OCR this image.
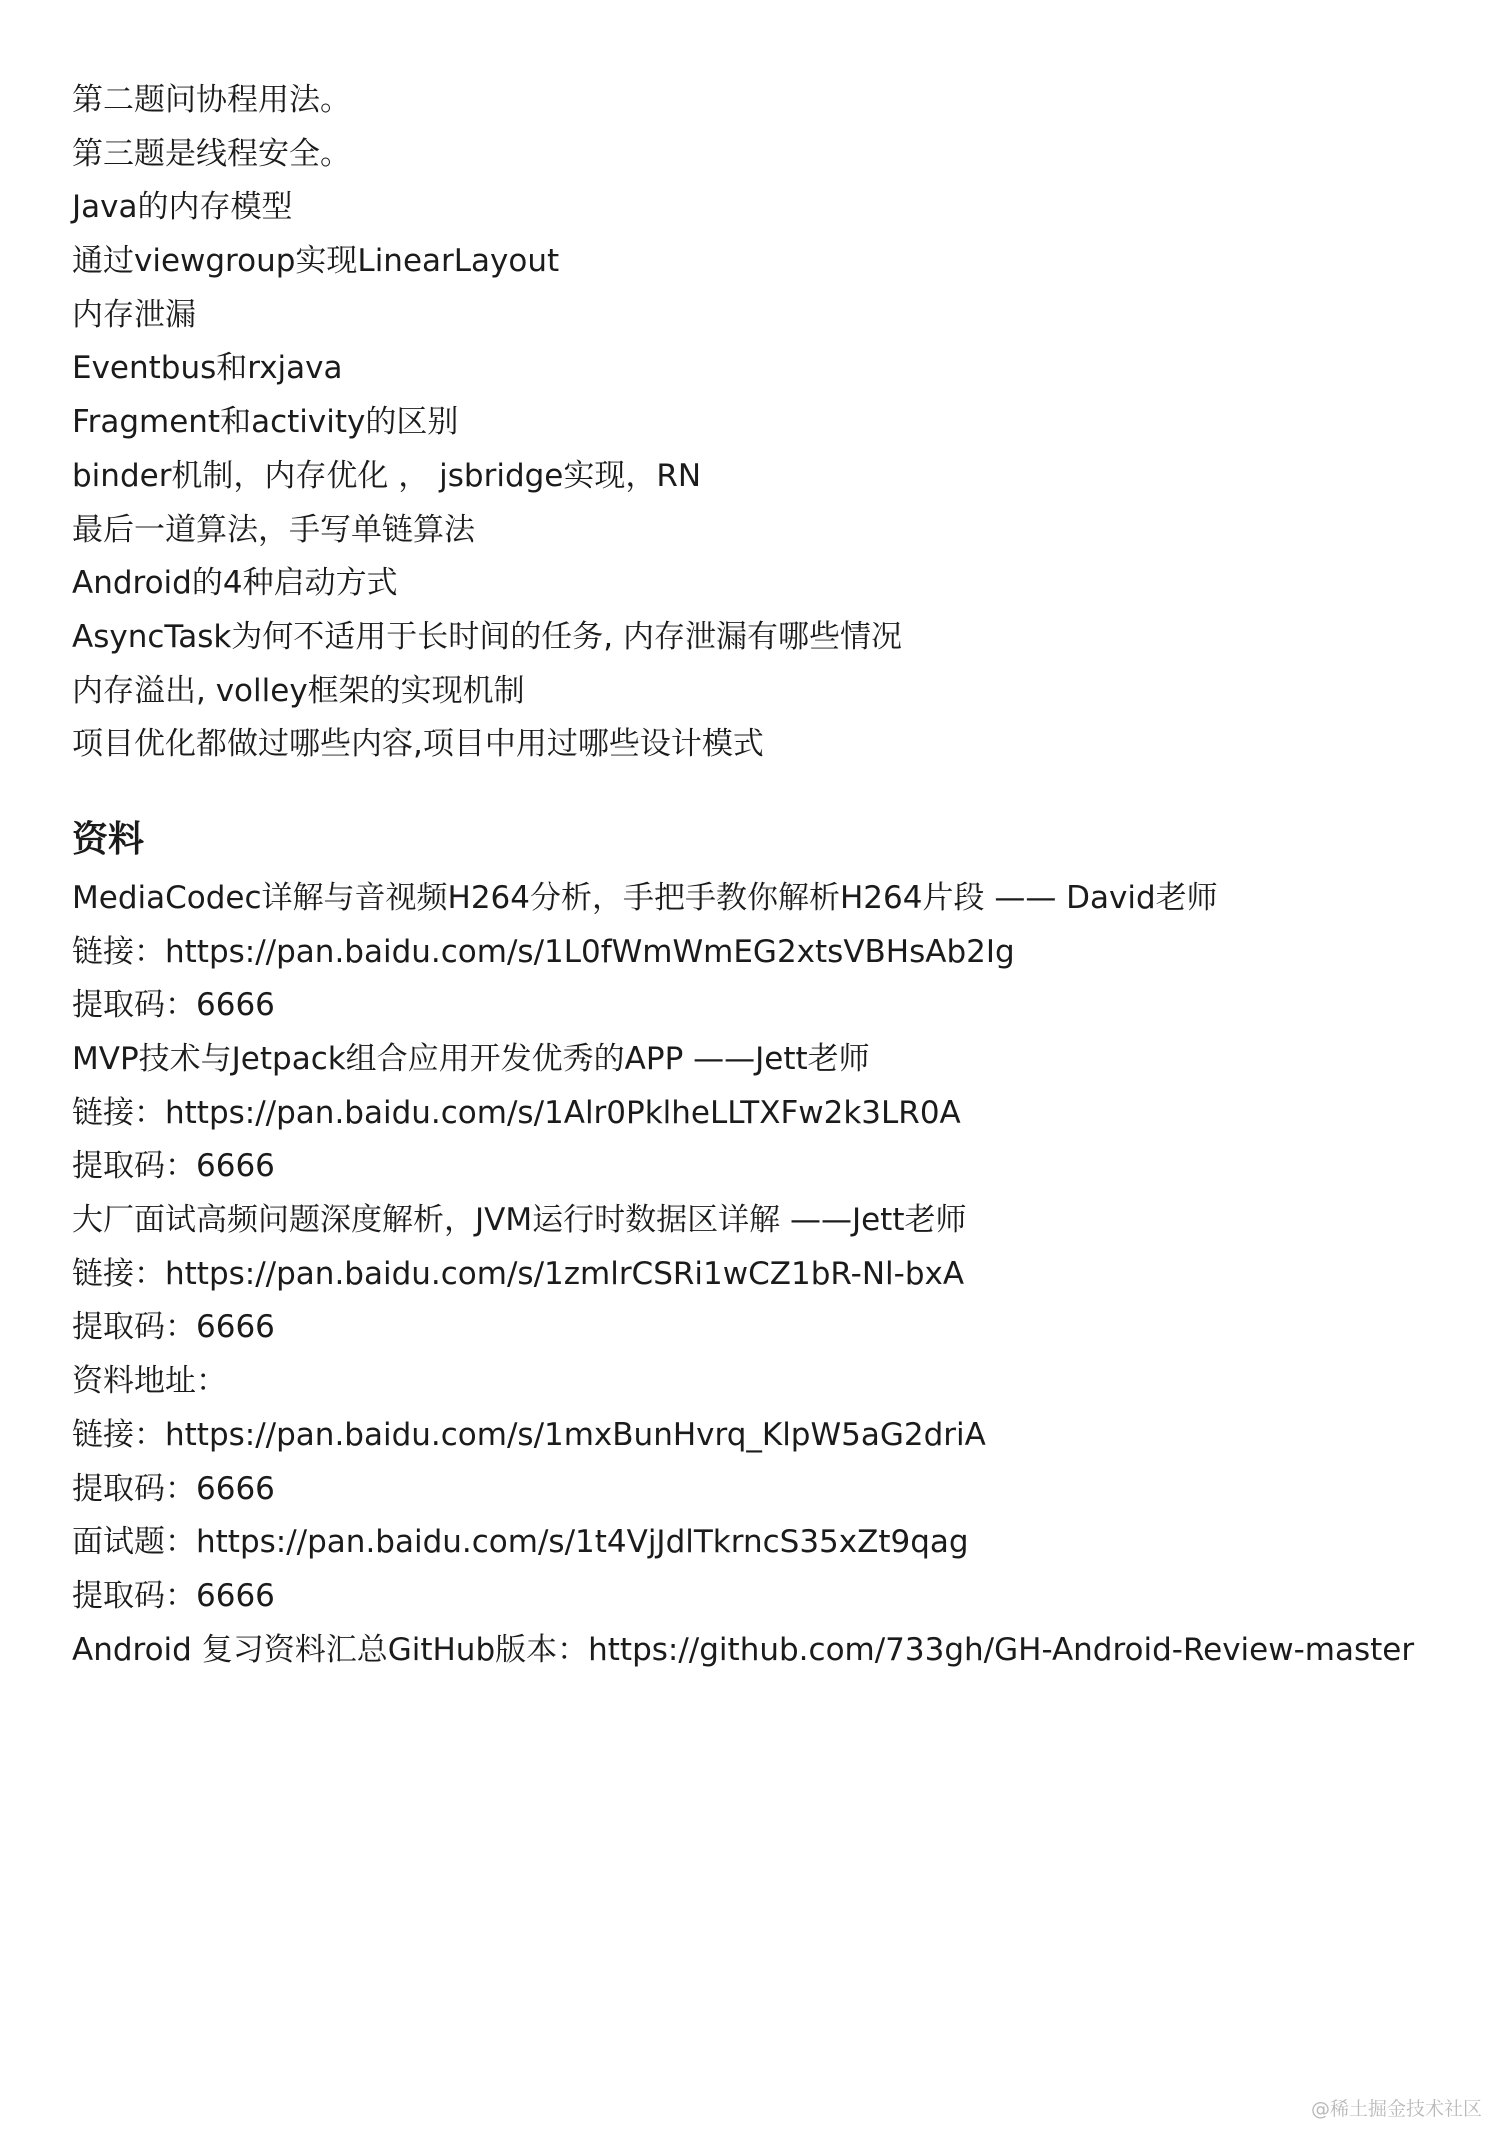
第二题问协程用法。
第三题是线程安全。
Java的内存模型
通过viewgroup实现LinearLayout
内存泄漏
Eventbus和rxjava
Fragment和activity的区别
binder机制，内存优化 ， jsbridge实现，RN
最后一道算法，手写单链算法
Android的4种启动方式
AsyncTask为何不适用于长时间的任务, 内存泄漏有哪些情况
内存溢出, volley框架的实现机制
项目优化都做过哪些内容,项目中用过哪些设计模式
资料
MediaCodec详解与音视频H264分析，手把手教你解析H264片段 —— David老师
链接：https://pan.baidu.com/s/1L0fWmWmEG2xtsVBHsAb2Ig
提取码：6666
MVP技术与Jetpack组合应用开发优秀的APP ——Jett老师
链接：https://pan.baidu.com/s/1Alr0PklheLLTXFw2k3LR0A
提取码：6666
大厂面试高频问题深度解析，JVM运行时数据区详解 ——Jett老师
链接：https://pan.baidu.com/s/1zmlrCSRi1wCZ1bR-Nl-bxA
提取码：6666
资料地址：
链接：https://pan.baidu.com/s/1mxBunHvrq_KlpW5aG2driA
提取码：6666
面试题：https://pan.baidu.com/s/1t4VjJdlTkrncS35xZt9qag
提取码：6666
Android 复习资料汇总GitHub版本：https://github.com/733gh/GH-Android-Review-master
@稀土掘金技术社区
